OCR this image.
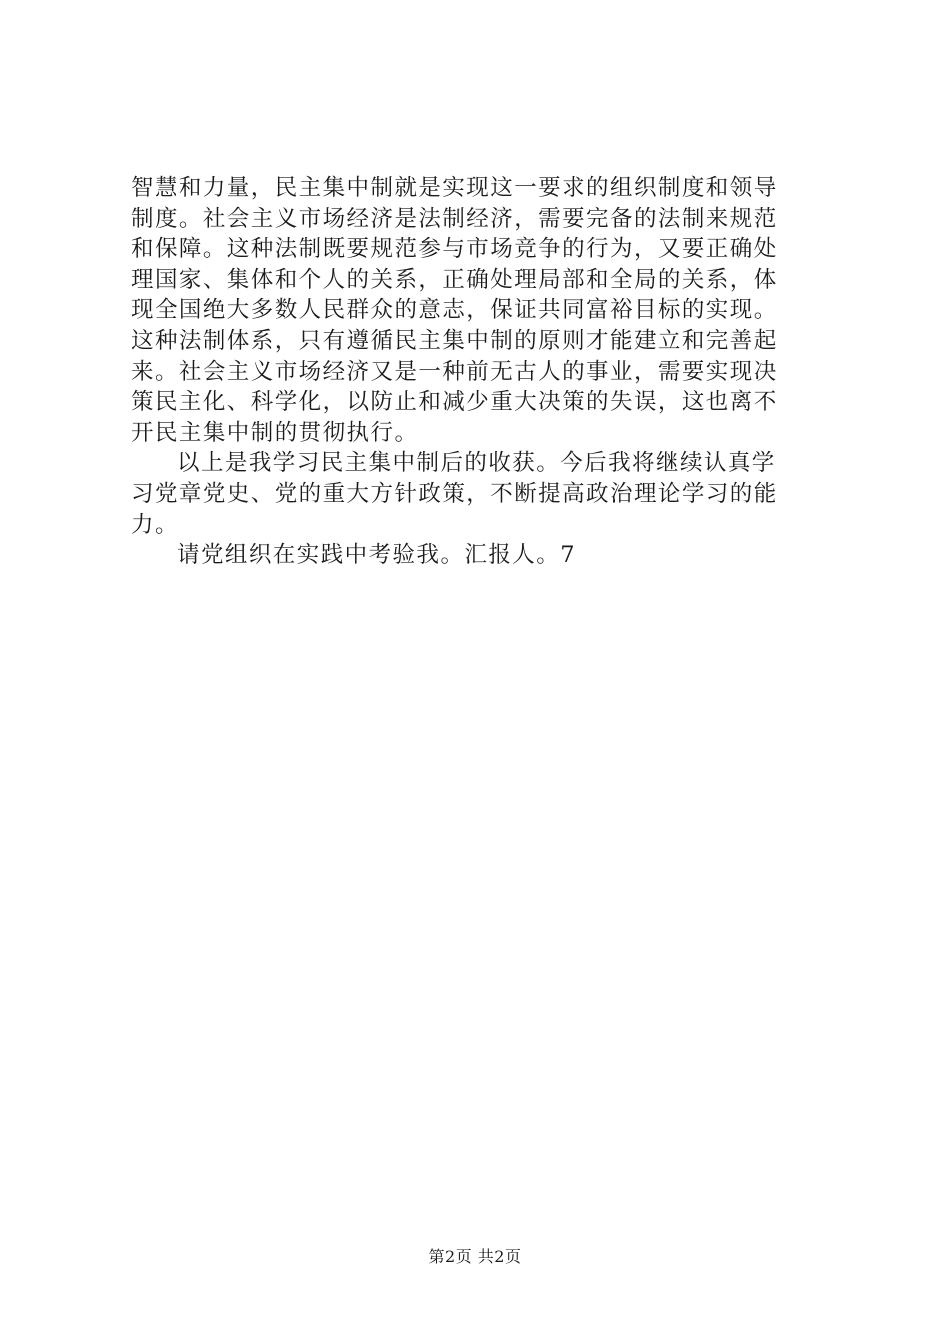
智慧和力量，民主集中制就是实现这一要求的组织制度和领导
制度。社会主义市场经济是法制经济，需要完备的法制来规范
和保障。这种法制既要规范参与市场竞争的行为，又要正确处
理国家、集体和个人的关系，正确处理局部和全局的关系，体
现全国绝大多数人民群众的意志，保证共同富裕目标的实现。
这种法制体系，只有遵循民主集中制的原则才能建立和完善起
来。社会主义市场经济又是一种前无古人的事业，需要实现决
策民主化、科学化，以防止和减少重大决策的失误，这也离不
开民主集中制的贯彻执行。
以上是我学习民主集中制后的收获。今后我将继续认真学
习党章党史、党的重大方针政策，不断提高政治理论学习的能
力。
请党组织在实践中考验我。汇报人。7
第2页 共2页
